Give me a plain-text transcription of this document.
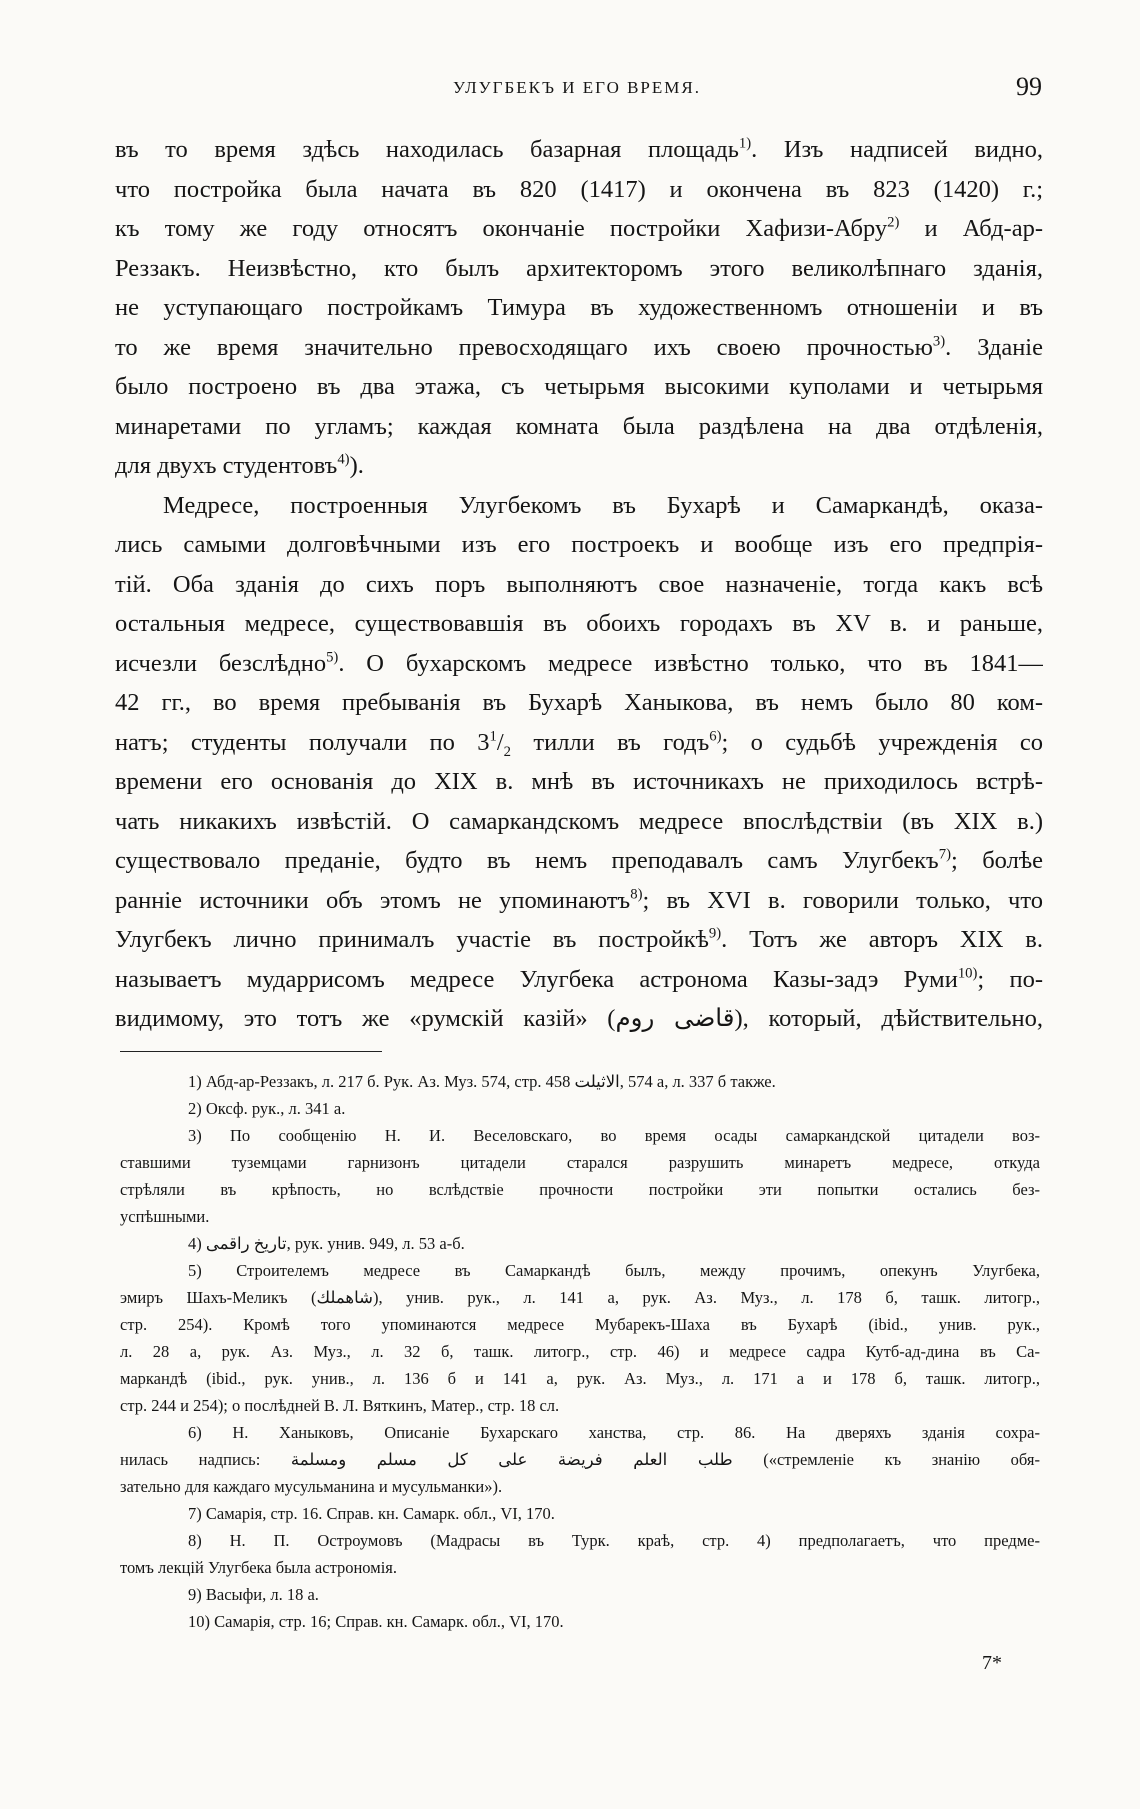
УЛУГБЕКЪ И ЕГО ВРЕМЯ.	99
въ то время здѣсь находилась базарная площадь$^{1)}$. Изъ надписей видно,
что постройка была начата въ 820 (1417) и окончена въ 823 (1420) г.;
къ тому же году относятъ окончаніе постройки Хафизи-Абру$^{2)}$ и Абд-ар-
Реззакъ. Неизвѣстно, кто былъ архитекторомъ этого великолѣпнаго зданія,
не уступающаго постройкамъ Тимура въ художественномъ отношеніи и въ
то же время значительно превосходящаго ихъ своею прочностью$^{3)}$. Зданіе
было построено въ два этажа, съ четырьмя высокими куполами и четырьмя
минаретами по угламъ; каждая комната была раздѣлена на два отдѣленія,
для двухъ студентовъ$^{4)}$).
Медресе, построенныя Улугбекомъ въ Бухарѣ и Самаркандѣ, оказа-
лись самыми долговѣчными изъ его построекъ и вообще изъ его предпрія-
тій. Оба зданія до сихъ поръ выполняютъ свое назначеніе, тогда какъ всѣ
остальныя медресе, существовавшія въ обоихъ городахъ въ XV в. и раньше,
исчезли безслѣдно$^{5)}$. О бухарскомъ медресе извѣстно только, что въ 1841—
42 гг., во время пребыванія въ Бухарѣ Ханыкова, въ немъ было 80 ком-
натъ; студенты получали по $3^1/_2$ тилли въ годъ$^{6)}$; о судьбѣ учрежденія со
времени его основанія до XIX в. мнѣ въ источникахъ не приходилось встрѣ-
чать никакихъ извѣстій. О самаркандскомъ медресе впослѣдствіи (въ XIX в.)
существовало преданіе, будто въ немъ преподавалъ самъ Улугбекъ$^{7)}$; болѣе
ранніе источники объ этомъ не упоминаютъ$^{8)}$; въ XVI в. говорили только, что
Улугбекъ лично принималъ участіе въ постройкѣ$^{9)}$. Тотъ же авторъ XIX в.
называетъ мударрисомъ медресе Улугбека астронома Казы-задэ Руми$^{10)}$; по-
видимому, это тотъ же «румскій казій» (قاضى روم), который, дѣйствительно,
1) Абд-ар-Реззакъ, л. 217 б. Рук. Аз. Муз. 574, стр. 458 الاثيلت, 574 а, л. 337 б также.
2) Оксф. рук., л. 341 а.
3) По сообщенію Н. И. Веселовскаго, во время осады самаркандской цитадели воз-
ставшими туземцами гарнизонъ цитадели старался разрушить минаретъ медресе, откуда
стрѣляли въ крѣпость, но вслѣдствіе прочности постройки эти попытки остались без-
успѣшными.
4) تاريخ راقمى, рук. унив. 949, л. 53 а-б.
5) Строителемъ медресе въ Самаркандѣ былъ, между прочимъ, опекунъ Улугбека,
эмиръ Шахъ-Меликъ (شاهملك), унив. рук., л. 141 а, рук. Аз. Муз., л. 178 б, ташк. литогр.,
стр. 254). Кромѣ того упоминаются медресе Мубарекъ-Шаха въ Бухарѣ (ibid., унив. рук.,
л. 28 а, рук. Аз. Муз., л. 32 б, ташк. литогр., стр. 46) и медресе садра Кутб-ад-дина въ Са-
маркандѣ (ibid., рук. унив., л. 136 б и 141 а, рук. Аз. Муз., л. 171 а и 178 б, ташк. литогр.,
стр. 244 и 254); о послѣдней В. Л. Вяткинъ, Матер., стр. 18 сл.
6) Н. Ханыковъ, Описаніе Бухарскаго ханства, стр. 86. На дверяхъ зданія сохра-
нилась надпись: طلب العلم فريضة على كل مسلم ومسلمة («стремленіе къ знанію обя-
зательно для каждаго мусульманина и мусульманки»).
7) Самарія, стр. 16. Справ. кн. Самарк. обл., VI, 170.
8) Н. П. Остроумовъ (Мадрасы въ Турк. краѣ, стр. 4) предполагаетъ, что предме-
томъ лекцій Улугбека была астрономія.
9) Васыфи, л. 18 а.
10) Самарія, стр. 16; Справ. кн. Самарк. обл., VI, 170.
7*
